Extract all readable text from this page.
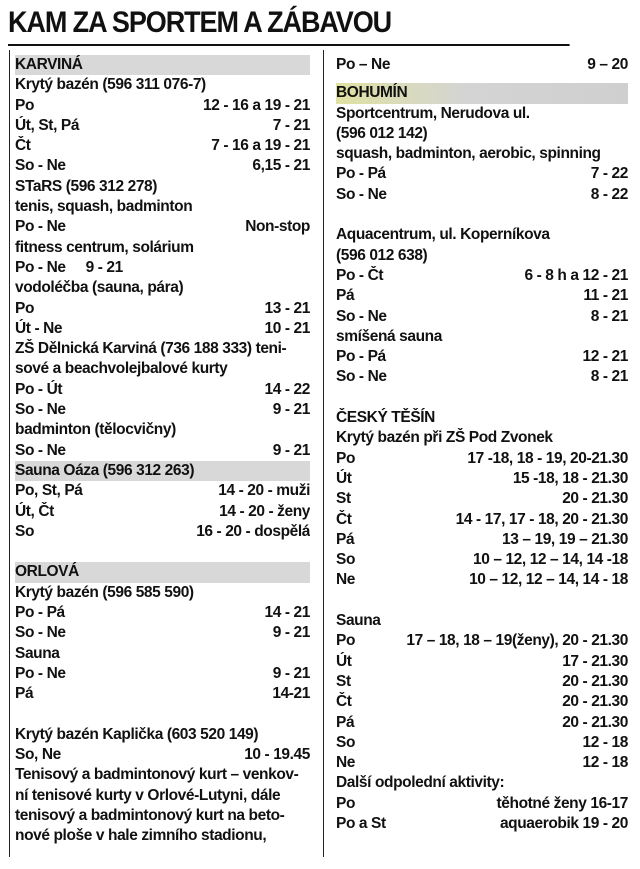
KAM ZA SPORTEM A ZÁBAVOU
KARVINÁ
Krytý bazén (596 311 076-7)
Po	12 - 16 a 19 - 21
Út, St, Pá	7 - 21
Čt	7 - 16 a 19 - 21
So - Ne	6,15 - 21
STaRS (596 312 278)
tenis, squash, badminton
Po - Ne	Non-stop
fitness centrum, solárium
Po - Ne 9 - 21
vodoléčba (sauna, pára)
Po	13 - 21
Út - Ne	10 - 21
ZŠ Dělnická Karviná (736 188 333) teni-
sové a beachvolejbalové kurty
Po - Út	14 - 22
So - Ne	9 - 21
badminton (tělocvičny)
So - Ne	9 - 21
Sauna Oáza (596 312 263)
Po, St, Pá	14 - 20 - muži
Út, Čt	14 - 20 - ženy
So	16 - 20 - dospělá
ORLOVÁ
Krytý bazén (596 585 590)
Po - Pá	14 - 21
So - Ne	9 - 21
Sauna
Po - Ne	9 - 21
Pá	14-21
Krytý bazén Kaplička (603 520 149)
So, Ne	10 - 19.45
Tenisový a badmintonový kurt – venkov-
ní tenisové kurty v Orlové-Lutyni, dále
tenisový a badmintonový kurt na beto-
nové ploše v hale zimního stadionu,
Po – Ne	9 – 20
BOHUMÍN
Sportcentrum, Nerudova ul.
(596 012 142)
squash, badminton, aerobic, spinning
Po - Pá	7 - 22
So - Ne	8 - 22
Aquacentrum, ul. Koperníkova
(596 012 638)
Po - Čt	6 - 8 h a 12 - 21
Pá	11 - 21
So - Ne	8 - 21
smíšená sauna
Po - Pá	12 - 21
So - Ne	8 - 21
ČESKÝ TĚŠÍN
Krytý bazén při ZŠ Pod Zvonek
Po	17 -18, 18 - 19, 20-21.30
Út	15 -18, 18 - 21.30
St	20 - 21.30
Čt	14 - 17, 17 - 18, 20 - 21.30
Pá	13 – 19, 19 – 21.30
So	10 – 12, 12 – 14, 14 -18
Ne	10 – 12, 12 – 14, 14 - 18
Sauna
Po	17 – 18, 18 – 19(ženy), 20 - 21.30
Út	17 - 21.30
St	20 - 21.30
Čt	20 - 21.30
Pá	20 - 21.30
So	12 - 18
Ne	12 - 18
Další odpolední aktivity:
Po	těhotné ženy 16-17
Po a St	aquaerobik 19 - 20
